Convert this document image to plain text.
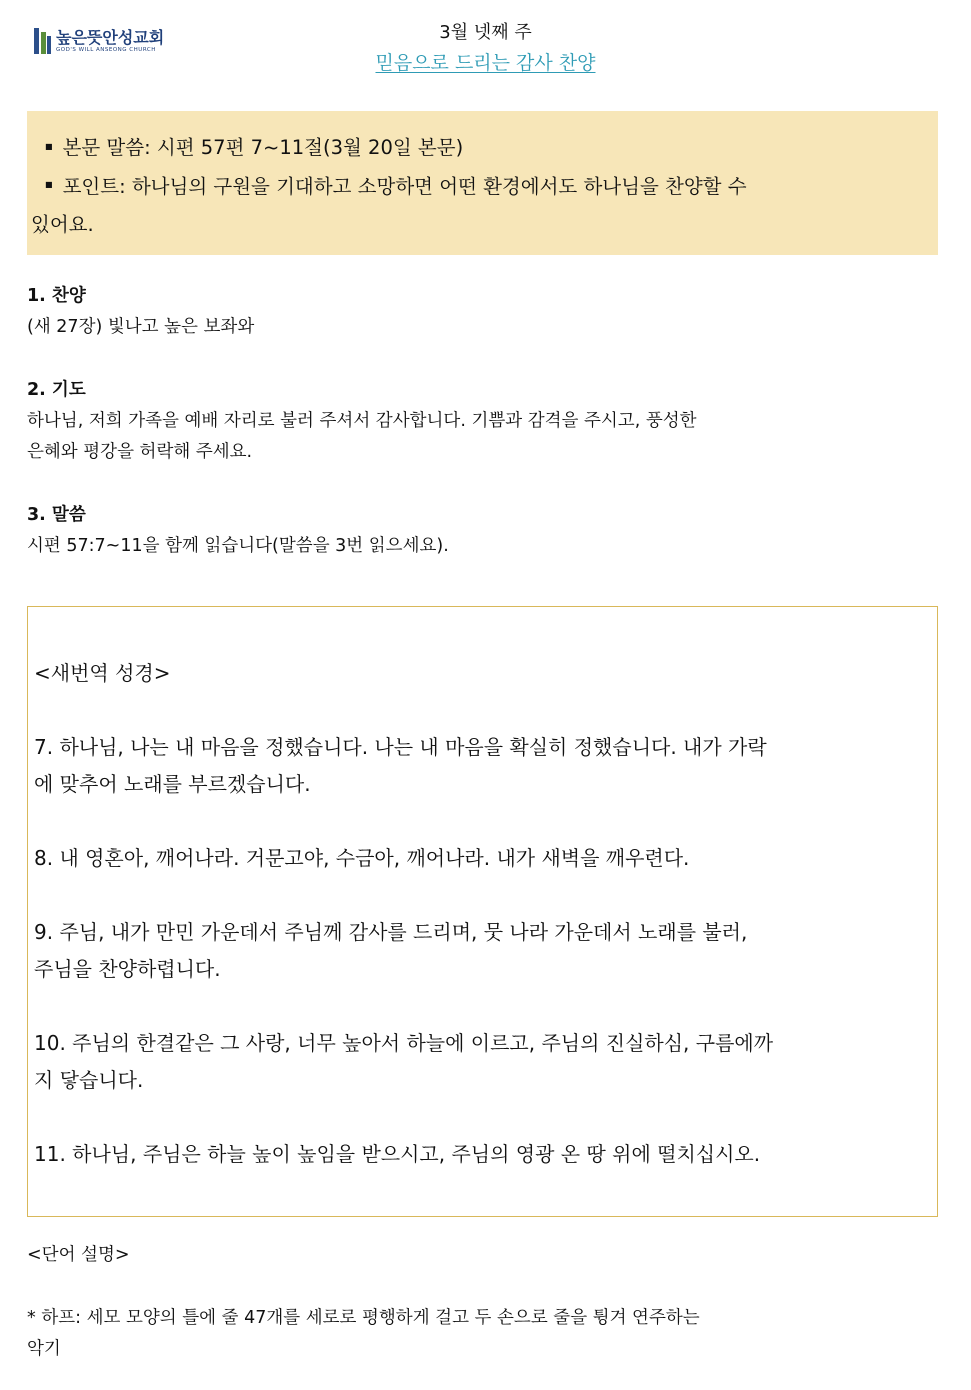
높은뜻안성교회
GOD'S WILL ANSEONG CHURCH
3월 넷째 주
믿음으로 드리는 감사 찬양
■ 본문 말씀: 시편 57편 7~11절(3월 20일 본문)
■ 포인트: 하나님의 구원을 기대하고 소망하면 어떤 환경에서도 하나님을 찬양할 수
있어요.
1. 찬양
(새 27장) 빛나고 높은 보좌와
2. 기도
하나님, 저희 가족을 예배 자리로 불러 주셔서 감사합니다. 기쁨과 감격을 주시고, 풍성한
은혜와 평강을 허락해 주세요.
3. 말씀
시편 57:7~11을 함께 읽습니다(말씀을 3번 읽으세요).
<새번역 성경>
7. 하나님, 나는 내 마음을 정했습니다. 나는 내 마음을 확실히 정했습니다. 내가 가락
에 맞추어 노래를 부르겠습니다.
8. 내 영혼아, 깨어나라. 거문고야, 수금아, 깨어나라. 내가 새벽을 깨우련다.
9. 주님, 내가 만민 가운데서 주님께 감사를 드리며, 뭇 나라 가운데서 노래를 불러,
주님을 찬양하렵니다.
10. 주님의 한결같은 그 사랑, 너무 높아서 하늘에 이르고, 주님의 진실하심, 구름에까
지 닿습니다.
11. 하나님, 주님은 하늘 높이 높임을 받으시고, 주님의 영광 온 땅 위에 떨치십시오.
<단어 설명>
* 하프: 세모 모양의 틀에 줄 47개를 세로로 평행하게 걸고 두 손으로 줄을 튕겨 연주하는
악기
